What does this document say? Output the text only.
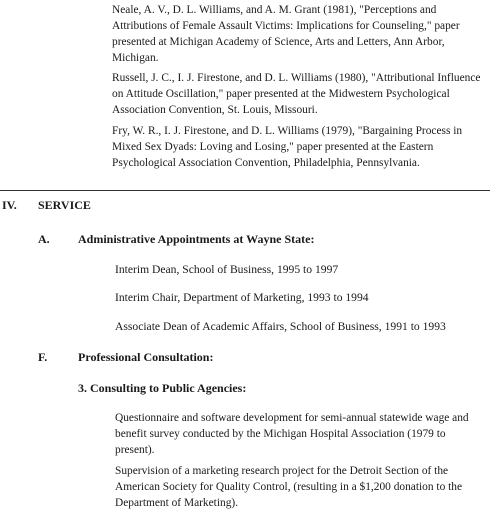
Neale, A. V., D. L. Williams, and A. M. Grant (1981), "Perceptions and Attributions of Female Assault Victims: Implications for Counseling," paper presented at Michigan Academy of Science, Arts and Letters, Ann Arbor, Michigan.

Russell, J. C., I. J. Firestone, and D. L. Williams (1980), "Attributional Influence on Attitude Oscillation," paper presented at the Midwestern Psychological Association Convention, St. Louis, Missouri.

Fry, W. R., I. J. Firestone, and D. L. Williams (1979), "Bargaining Process in Mixed Sex Dyads: Loving and Losing," paper presented at the Eastern Psychological Association Convention, Philadelphia, Pennsylvania.

IV. SERVICE
A. Administrative Appointments at Wayne State:
Interim Dean, School of Business, 1995 to 1997
Interim Chair, Department of Marketing, 1993 to 1994
Associate Dean of Academic Affairs, School of Business, 1991 to 1993
F.	Professional Consultation:
3. Consulting to Public Agencies:

Questionnaire and software development for semi-annual statewide wage and benefit survey conducted by the Michigan Hospital Association (1979 to present).

Supervision of a marketing research project for the Detroit Section of the American Society for Quality Control, (resulting in a $1,200 donation to the Department of Marketing).
